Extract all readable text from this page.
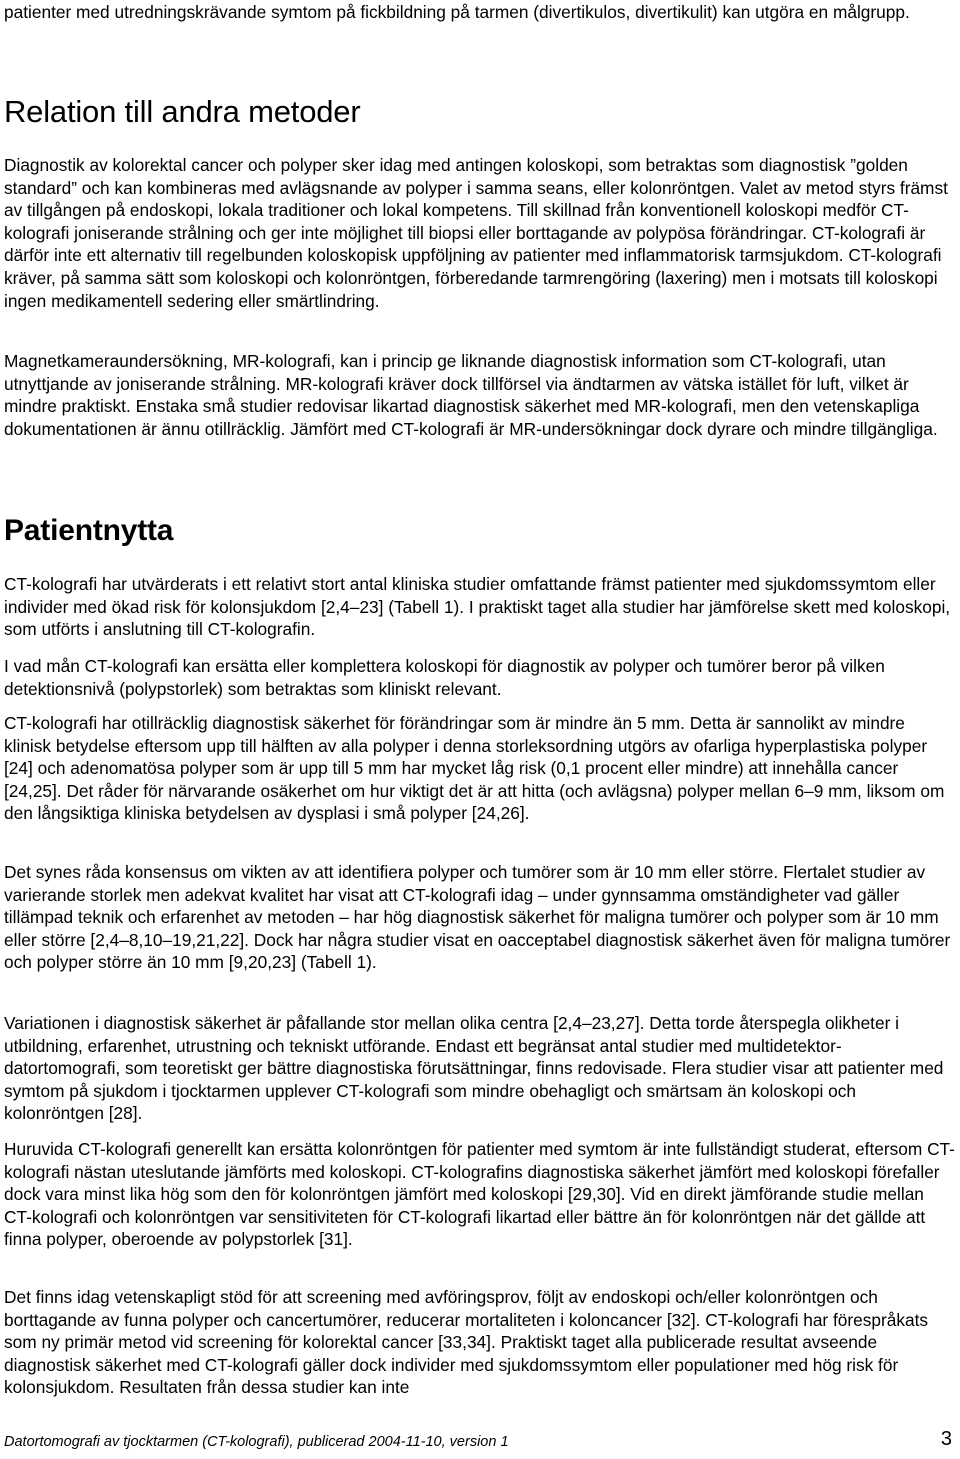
patienter med utredningskrävande symtom på fickbildning på tarmen (divertikulos, divertikulit) kan utgöra en målgrupp.

Relation till andra metoder

Diagnostik av kolorektal cancer och polyper sker idag med antingen koloskopi, som betraktas som diagnostisk ”golden standard” och kan kombineras med avlägsnande av polyper i samma seans, eller kolonröntgen. Valet av metod styrs främst av tillgången på endoskopi, lokala traditioner och lokal kompetens. Till skillnad från konventionell koloskopi medför CT-kolografi joniserande strålning och ger inte möjlighet till biopsi eller borttagande av polypösa förändringar. CT-kolografi är därför inte ett alternativ till regelbunden koloskopisk uppföljning av patienter med inflammatorisk tarmsjukdom. CT-kolografi kräver, på samma sätt som koloskopi och kolonröntgen, förberedande tarmrengöring (laxering) men i motsats till koloskopi ingen medikamentell sedering eller smärtlindring.

Magnetkameraundersökning, MR-kolografi, kan i princip ge liknande diagnostisk information som CT-kolografi, utan utnyttjande av joniserande strålning. MR-kolografi kräver dock tillförsel via ändtarmen av vätska istället för luft, vilket är mindre praktiskt. Enstaka små studier redovisar likartad diagnostisk säkerhet med MR-kolografi, men den vetenskapliga dokumentationen är ännu otillräcklig. Jämfört med CT-kolografi är MR-undersökningar dock dyrare och mindre tillgängliga.

Patientnytta

CT-kolografi har utvärderats i ett relativt stort antal kliniska studier omfattande främst patienter med sjukdomssymtom eller individer med ökad risk för kolonsjukdom [2,4–23] (Tabell 1). I praktiskt taget alla studier har jämförelse skett med koloskopi, som utförts i anslutning till CT-kolografin.

I vad mån CT-kolografi kan ersätta eller komplettera koloskopi för diagnostik av polyper och tumörer beror på vilken detektionsnivå (polypstorlek) som betraktas som kliniskt relevant.

CT-kolografi har otillräcklig diagnostisk säkerhet för förändringar som är mindre än 5 mm. Detta är sannolikt av mindre klinisk betydelse eftersom upp till hälften av alla polyper i denna storleksordning utgörs av ofarliga hyperplastiska polyper [24] och adenomatösa polyper som är upp till 5 mm har mycket låg risk (0,1 procent eller mindre) att innehålla cancer [24,25]. Det råder för närvarande osäkerhet om hur viktigt det är att hitta (och avlägsna) polyper mellan 6–9 mm, liksom om den långsiktiga kliniska betydelsen av dysplasi i små polyper [24,26].

Det synes råda konsensus om vikten av att identifiera polyper och tumörer som är 10 mm eller större. Flertalet studier av varierande storlek men adekvat kvalitet har visat att CT-kolografi idag – under gynnsamma omständigheter vad gäller tillämpad teknik och erfarenhet av metoden – har hög diagnostisk säkerhet för maligna tumörer och polyper som är 10 mm eller större [2,4–8,10–19,21,22]. Dock har några studier visat en oacceptabel diagnostisk säkerhet även för maligna tumörer och polyper större än 10 mm [9,20,23] (Tabell 1).

Variationen i diagnostisk säkerhet är påfallande stor mellan olika centra [2,4–23,27]. Detta torde återspegla olikheter i utbildning, erfarenhet, utrustning och tekniskt utförande. Endast ett begränsat antal studier med multidetektor-datortomografi, som teoretiskt ger bättre diagnostiska förutsättningar, finns redovisade. Flera studier visar att patienter med symtom på sjukdom i tjocktarmen upplever CT-kolografi som mindre obehagligt och smärtsam än koloskopi och kolonröntgen [28].

Huruvida CT-kolografi generellt kan ersätta kolonröntgen för patienter med symtom är inte fullständigt studerat, eftersom CT-kolografi nästan uteslutande jämförts med koloskopi. CT-kolografins diagnostiska säkerhet jämfört med koloskopi förefaller dock vara minst lika hög som den för kolonröntgen jämfört med koloskopi [29,30]. Vid en direkt jämförande studie mellan CT-kolografi och kolonröntgen var sensitiviteten för CT-kolografi likartad eller bättre än för kolonröntgen när det gällde att finna polyper, oberoende av polypstorlek [31].

Det finns idag vetenskapligt stöd för att screening med avföringsprov, följt av endoskopi och/eller kolonröntgen och borttagande av funna polyper och cancertumörer, reducerar mortaliteten i koloncancer [32]. CT-kolografi har förespråkats som ny primär metod vid screening för kolorektal cancer [33,34]. Praktiskt taget alla publicerade resultat avseende diagnostisk säkerhet med CT-kolografi gäller dock individer med sjukdomssymtom eller populationer med hög risk för kolonsjukdom. Resultaten från dessa studier kan inte

Datortomografi av tjocktarmen (CT-kolografi), publicerad 2004-11-10, version 1	3
